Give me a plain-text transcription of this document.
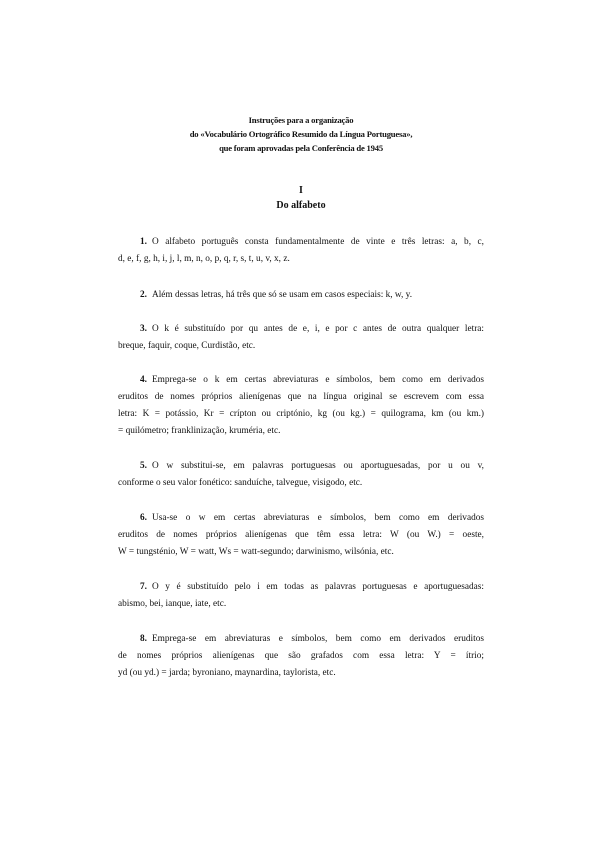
Instruções para a organização
do «Vocabulário Ortográfico Resumido da Língua Portuguesa»,
que foram aprovadas pela Conferência de 1945
I
Do alfabeto
1. O alfabeto português consta fundamentalmente de vinte e três letras: a, b, c,
d, e, f, g, h, i, j, l, m, n, o, p, q, r, s, t, u, v, x, z.
2. Além dessas letras, há três que só se usam em casos especiais: k, w, y.
3. O k é substituído por qu antes de e, i, e por c antes de outra qualquer letra:
breque, faquir, coque, Curdistão, etc.
4. Emprega-se o k em certas abreviaturas e símbolos, bem como em derivados
eruditos de nomes próprios alienígenas que na língua original se escrevem com essa
letra: K = potássio, Kr = crípton ou criptónio, kg (ou kg.) = quilograma, km (ou km.)
= quilómetro; franklinização, kruméria, etc.
5. O w substitui-se, em palavras portuguesas ou aportuguesadas, por u ou v,
conforme o seu valor fonético: sanduíche, talvegue, visigodo, etc.
6. Usa-se o w em certas abreviaturas e símbolos, bem como em derivados
eruditos de nomes próprios alienígenas que têm essa letra: W (ou W.) = oeste,
W = tungsténio, W = watt, Ws = watt-segundo; darwinismo, wilsónia, etc.
7. O y é substituído pelo i em todas as palavras portuguesas e aportuguesadas:
abismo, bei, ianque, iate, etc.
8. Emprega-se em abreviaturas e símbolos, bem como em derivados eruditos
de nomes próprios alienígenas que são grafados com essa letra: Y = ítrio;
yd (ou yd.) = jarda; byroniano, maynardina, taylorista, etc.
